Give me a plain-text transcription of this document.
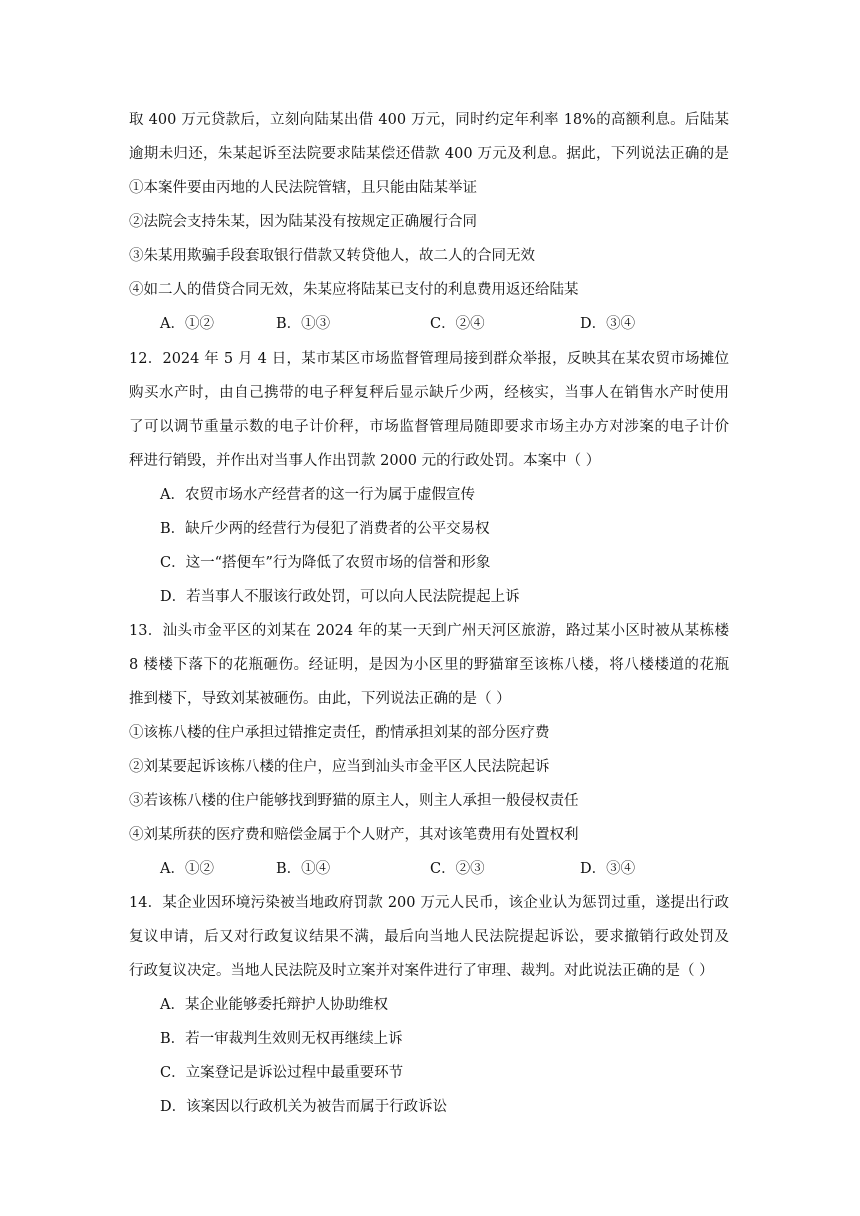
取 400 万元贷款后，立刻向陆某出借 400 万元，同时约定年利率 18%的高额利息。后陆某
逾期未归还，朱某起诉至法院要求陆某偿还借款 400 万元及利息。据此，下列说法正确的是
①本案件要由丙地的人民法院管辖，且只能由陆某举证
②法院会支持朱某，因为陆某没有按规定正确履行合同
③朱某用欺骗手段套取银行借款又转贷他人，故二人的合同无效
④如二人的借贷合同无效，朱某应将陆某已支付的利息费用返还给陆某
A．①②	B．①③	C．②④	D．③④
12．2024 年 5 月 4 日，某市某区市场监督管理局接到群众举报，反映其在某农贸市场摊位
购买水产时，由自己携带的电子秤复秤后显示缺斤少两，经核实，当事人在销售水产时使用
了可以调节重量示数的电子计价秤，市场监督管理局随即要求市场主办方对涉案的电子计价
秤进行销毁，并作出对当事人作出罚款 2000 元的行政处罚。本案中（ ）
A．农贸市场水产经营者的这一行为属于虚假宣传
B．缺斤少两的经营行为侵犯了消费者的公平交易权
C．这一“搭便车”行为降低了农贸市场的信誉和形象
D．若当事人不服该行政处罚，可以向人民法院提起上诉
13．汕头市金平区的刘某在 2024 年的某一天到广州天河区旅游，路过某小区时被从某栋楼
8 楼楼下落下的花瓶砸伤。经证明，是因为小区里的野猫窜至该栋八楼，将八楼楼道的花瓶
推到楼下，导致刘某被砸伤。由此，下列说法正确的是（ ）
①该栋八楼的住户承担过错推定责任，酌情承担刘某的部分医疗费
②刘某要起诉该栋八楼的住户，应当到汕头市金平区人民法院起诉
③若该栋八楼的住户能够找到野猫的原主人，则主人承担一般侵权责任
④刘某所获的医疗费和赔偿金属于个人财产，其对该笔费用有处置权利
A．①②	B．①④	C．②③	D．③④
14．某企业因环境污染被当地政府罚款 200 万元人民币，该企业认为惩罚过重，遂提出行政
复议申请，后又对行政复议结果不满，最后向当地人民法院提起诉讼，要求撤销行政处罚及
行政复议决定。当地人民法院及时立案并对案件进行了审理、裁判。对此说法正确的是（ ）
A．某企业能够委托辩护人协助维权
B．若一审裁判生效则无权再继续上诉
C．立案登记是诉讼过程中最重要环节
D．该案因以行政机关为被告而属于行政诉讼
